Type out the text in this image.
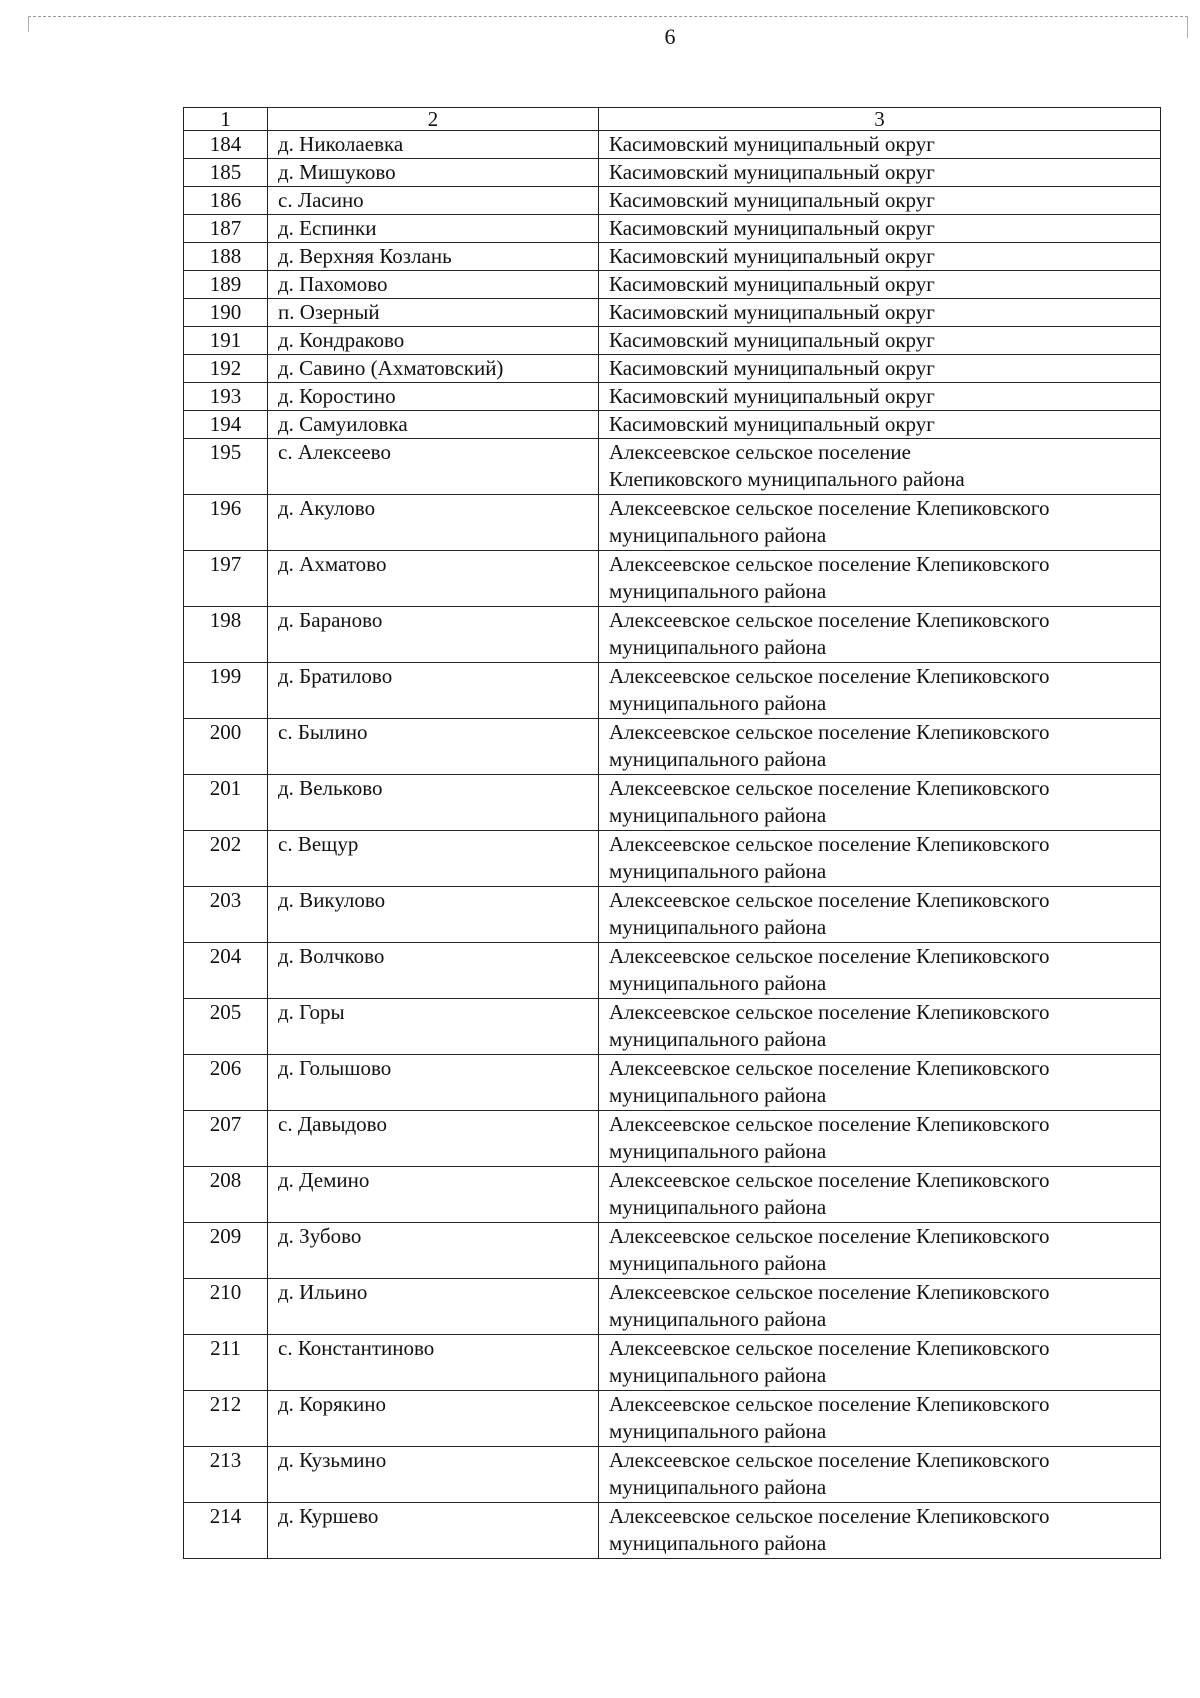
6
1	2	3
184	д. Николаевка	Касимовский муниципальный округ
185	д. Мишуково	Касимовский муниципальный округ
186	с. Ласино	Касимовский муниципальный округ
187	д. Еспинки	Касимовский муниципальный округ
188	д. Верхняя Козлань	Касимовский муниципальный округ
189	д. Пахомово	Касимовский муниципальный округ
190	п. Озерный	Касимовский муниципальный округ
191	д. Кондраково	Касимовский муниципальный округ
192	д. Савино (Ахматовский)	Касимовский муниципальный округ
193	д. Коростино	Касимовский муниципальный округ
194	д. Самуиловка	Касимовский муниципальный округ
195	с. Алексеево	Алексеевское сельское поселение
Клепиковского муниципального района

196	д. Акулово	Алексеевское сельское поселение Клепиковского
муниципального района

197	д. Ахматово	Алексеевское сельское поселение Клепиковского
муниципального района

198	д. Бараново	Алексеевское сельское поселение Клепиковского
муниципального района

199	д. Братилово	Алексеевское сельское поселение Клепиковского
муниципального района

200	с. Былино	Алексеевское сельское поселение Клепиковского
муниципального района

201	д. Вельково	Алексеевское сельское поселение Клепиковского
муниципального района

202	с. Вещур	Алексеевское сельское поселение Клепиковского
муниципального района

203	д. Викулово	Алексеевское сельское поселение Клепиковского
муниципального района

204	д. Волчково	Алексеевское сельское поселение Клепиковского
муниципального района

205	д. Горы	Алексеевское сельское поселение Клепиковского
муниципального района

206	д. Голышово	Алексеевское сельское поселение Клепиковского
муниципального района

207	с. Давыдово	Алексеевское сельское поселение Клепиковского
муниципального района

208	д. Демино	Алексеевское сельское поселение Клепиковского
муниципального района

209	д. Зубово	Алексеевское сельское поселение Клепиковского
муниципального района

210	д. Ильино	Алексеевское сельское поселение Клепиковского
муниципального района

211	с. Константиново	Алексеевское сельское поселение Клепиковского
муниципального района

212	д. Корякино	Алексеевское сельское поселение Клепиковского
муниципального района

213	д. Кузьмино	Алексеевское сельское поселение Клепиковского
муниципального района

214	д. Куршево	Алексеевское сельское поселение Клепиковского
муниципального района
